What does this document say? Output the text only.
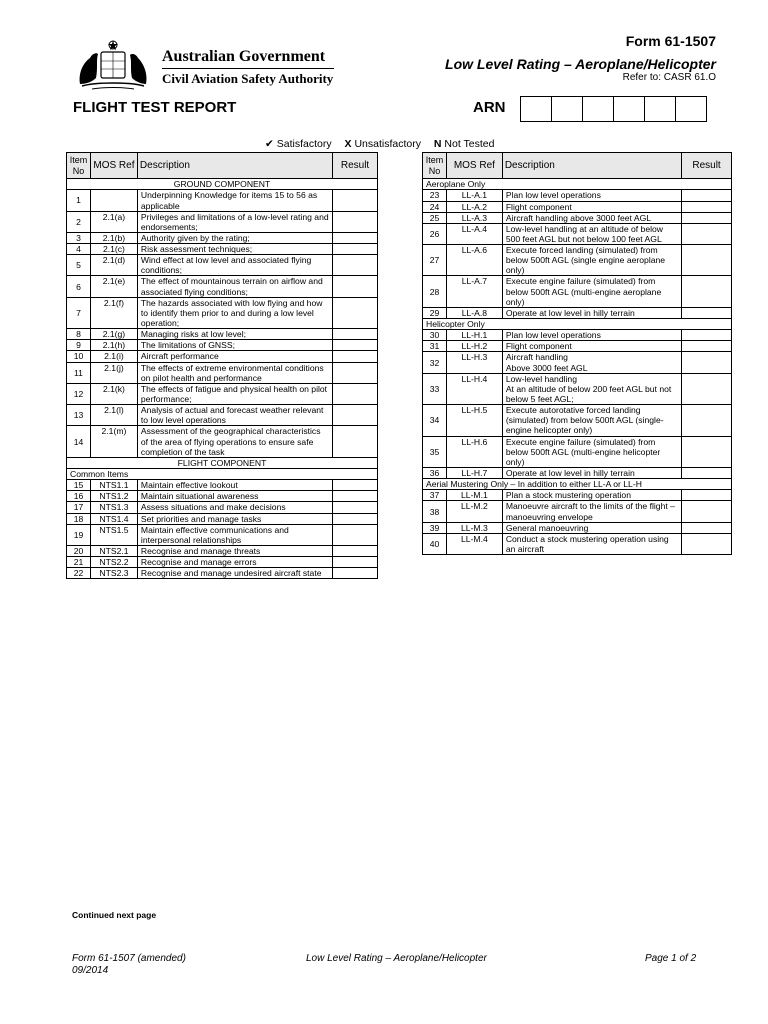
Australian Government
Civil Aviation Safety Authority
Form 61-1507
Low Level Rating – Aeroplane/Helicopter
Refer to: CASR 61.O
FLIGHT TEST REPORT	ARN
✔ Satisfactory X Unsatisfactory N Not Tested
Item No	MOS Ref	Description	Result
GROUND COMPONENT			
1		Underpinning Knowledge for items 15 to 56 as applicable	
2	2.1(a)	Privileges and limitations of a low-level rating and endorsements;	
3	2.1(b)	Authority given by the rating;	
4	2.1(c)	Risk assessment techniques;	
5	2.1(d)	Wind effect at low level and associated flying conditions;	
6	2.1(e)	The effect of mountainous terrain on airflow and associated flying conditions;	
7	2.1(f)	The hazards associated with low flying and how to identify them prior to and during a low level operation;	
8	2.1(g)	Managing risks at low level;	
9	2.1(h)	The limitations of GNSS;	
10	2.1(i)	Aircraft performance	
11	2.1(j)	The effects of extreme environmental conditions on pilot health and performance	
12	2.1(k)	The effects of fatigue and physical health on pilot performance;	
13	2.1(l)	Analysis of actual and forecast weather relevant to low level operations	
14	2.1(m)	Assessment of the geographical characteristics of the area of flying operations to ensure safe completion of the task	
FLIGHT COMPONENT			
Common Items			
15	NTS1.1	Maintain effective lookout	
16	NTS1.2	Maintain situational awareness	
17	NTS1.3	Assess situations and make decisions	
18	NTS1.4	Set priorities and manage tasks	
19	NTS1.5	Maintain effective communications and interpersonal relationships	
20	NTS2.1	Recognise and manage threats	
21	NTS2.2	Recognise and manage errors	
22	NTS2.3	Recognise and manage undesired aircraft state	
Item No	MOS Ref	Description	Result
Aeroplane Only			
23	LL-A.1	Plan low level operations	
24	LL-A.2	Flight component	
25	LL-A.3	Aircraft handling above 3000 feet AGL	
26	LL-A.4	Low-level handling at an altitude of below 500 feet AGL but not below 100 feet AGL	
27	LL-A.6	Execute forced landing (simulated) from below 500ft AGL (single engine aeroplane only)	
28	LL-A.7	Execute engine failure (simulated) from below 500ft AGL (multi-engine aeroplane only)	
29	LL-A.8	Operate at low level in hilly terrain	
Helicopter Only			
30	LL-H.1	Plan low level operations	
31	LL-H.2	Flight component	
32	LL-H.3	Aircraft handling
Above 3000 feet AGL	
33	LL-H.4	Low-level handling
At an altitude of below 200 feet AGL but not below 5 feet AGL;	
34	LL-H.5	Execute autorotative forced landing (simulated) from below 500ft AGL (single-engine helicopter only)	
35	LL-H.6	Execute engine failure (simulated) from below 500ft AGL (multi-engine helicopter only)	
36	LL-H.7	Operate at low level in hilly terrain	
Aerial Mustering Only – In addition to either LL-A or LL-H			
37	LL-M.1	Plan a stock mustering operation	
38	LL-M.2	Manoeuvre aircraft to the limits of the flight – manoeuvring envelope	
39	LL-M.3	General manoeuvring	
40	LL-M.4	Conduct a stock mustering operation using an aircraft	
Continued next page
Form 61-1507 (amended)	Low Level Rating – Aeroplane/Helicopter	Page 1 of 2
09/2014
